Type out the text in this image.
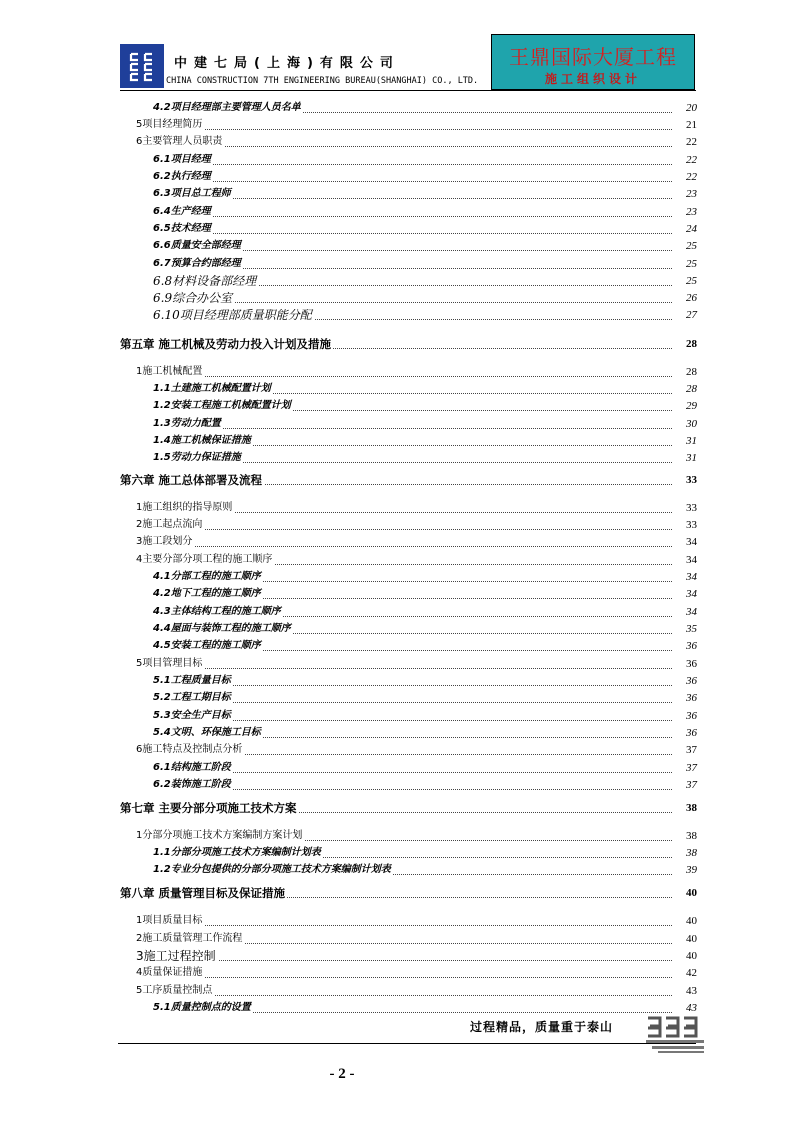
中建七局(上海)有限公司
CHINA CONSTRUCTION 7TH ENGINEERING BUREAU(SHANGHAI) CO., LTD.
王鼎国际大厦工程
施工组织设计
4.2项目经理部主要管理人员名单	20
5项目经理简历	21
6主要管理人员职责	22
6.1项目经理	22
6.2执行经理	22
6.3项目总工程师	23
6.4生产经理	23
6.5技术经理	24
6.6质量安全部经理	25
6.7预算合约部经理	25
6.8材料设备部经理	25
6.9综合办公室	26
6.10项目经理部质量职能分配	27
第五章 施工机械及劳动力投入计划及措施	28
1施工机械配置	28
1.1土建施工机械配置计划	28
1.2安装工程施工机械配置计划	29
1.3劳动力配置	30
1.4施工机械保证措施	31
1.5劳动力保证措施	31
第六章 施工总体部署及流程	33
1施工组织的指导原则	33
2施工起点流向	33
3施工段划分	34
4主要分部分项工程的施工顺序	34
4.1分部工程的施工顺序	34
4.2地下工程的施工顺序	34
4.3主体结构工程的施工顺序	34
4.4屋面与装饰工程的施工顺序	35
4.5安装工程的施工顺序	36
5项目管理目标	36
5.1工程质量目标	36
5.2工程工期目标	36
5.3安全生产目标	36
5.4文明、环保施工目标	36
6施工特点及控制点分析	37
6.1结构施工阶段	37
6.2装饰施工阶段	37
第七章 主要分部分项施工技术方案	38
1分部分项施工技术方案编制方案计划	38
1.1分部分项施工技术方案编制计划表	38
1.2专业分包提供的分部分项施工技术方案编制计划表	39
第八章 质量管理目标及保证措施	40
1项目质量目标	40
2施工质量管理工作流程	40
3施工过程控制	40
4质量保证措施	42
5工序质量控制点	43
5.1质量控制点的设置	43
过程精品，质量重于泰山
- 2 -
